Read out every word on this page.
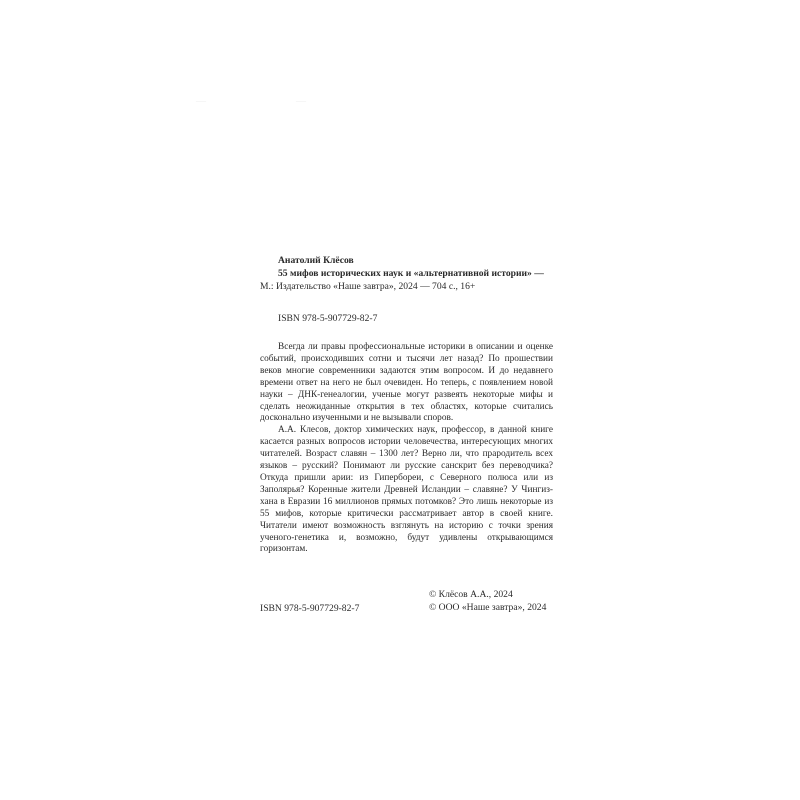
—	—
Анатолий Клёсов
55 мифов исторических наук и «альтернативной истории» —
М.: Издательство «Наше завтра», 2024 — 704 с., 16+
ISBN 978-5-907729-82-7

Всегда ли правы профессиональные историки в описании и оценке событий, происходивших сотни и тысячи лет назад? По прошествии веков многие современники задаются этим вопросом. И до недавнего времени ответ на него не был очевиден. Но теперь, с появлением новой науки – ДНК-генеалогии, ученые могут развеять некоторые мифы и сделать неожиданные открытия в тех областях, которые считались досконально изученными и не вызывали споров.

А.А. Клесов, доктор химических наук, профессор, в данной книге касается разных вопросов истории человечества, интересующих многих читателей. Возраст славян – 1300 лет? Верно ли, что прародитель всех языков – русский? Понимают ли русские санскрит без переводчика? Откуда пришли арии: из Гипербореи, с Северного полюса или из Заполярья? Коренные жители Древней Исландии – славяне? У Чингиз-хана в Евразии 16 миллионов прямых потомков? Это лишь некоторые из 55 мифов, которые критически рассматривает автор в своей книге. Читатели имеют возможность взглянуть на историю с точки зрения ученого-генетика и, возможно, будут удивлены открывающимся горизонтам.

ISBN 978-5-907729-82-7
© Клёсов А.А., 2024
© ООО «Наше завтра», 2024
